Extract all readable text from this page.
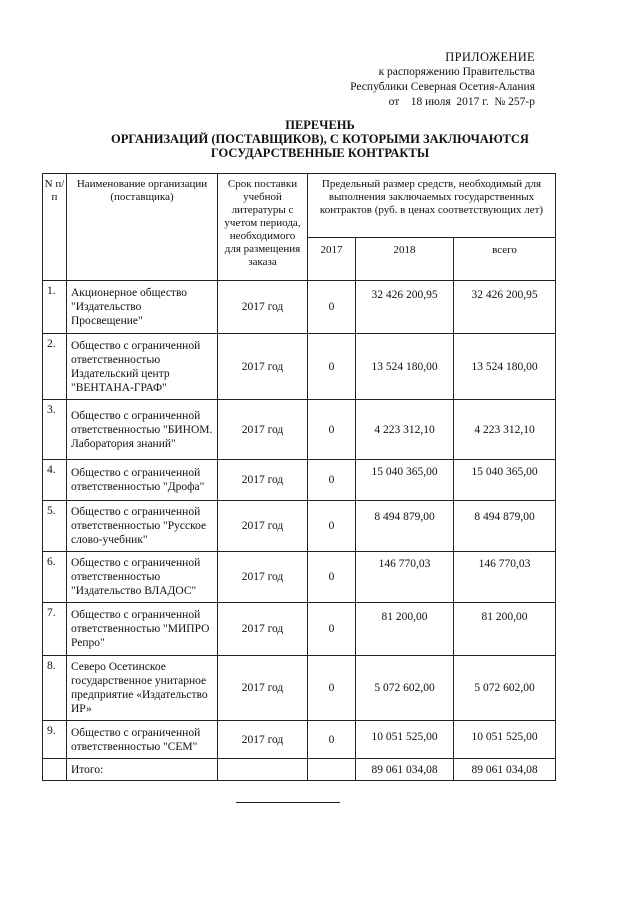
ПРИЛОЖЕНИЕ
к распоряжению Правительства
Республики Северная Осетия-Алания
от    18 июля  2017 г.  № 257-р
ПЕРЕЧЕНЬ
ОРГАНИЗАЦИЙ (ПОСТАВЩИКОВ), С КОТОРЫМИ ЗАКЛЮЧАЮТСЯ
ГОСУДАРСТВЕННЫЕ КОНТРАКТЫ
N п/п	Наименование организации (поставщика)	Срок поставки учебной литературы с учетом периода, необходимого для размещения заказа	Предельный размер средств, необходимый для выполнения заключаемых государственных контрактов (руб. в ценах соответствующих лет)		
			2017	2018	всего
1.	Акционерное общество "Издательство Просвещение"	2017 год	0	32 426 200,95	32 426 200,95
2.	Общество с ограниченной ответственностью Издательский центр "ВЕНТАНА-ГРАФ"	2017 год	0	13 524 180,00	13 524 180,00
3.	Общество с ограниченной ответственностью "БИНОМ. Лаборатория знаний"	2017 год	0	4 223 312,10	4 223 312,10
4.	Общество с ограниченной ответственностью "Дрофа"	2017 год	0	15 040 365,00	15 040 365,00
5.	Общество с ограниченной ответственностью "Русское слово-учебник"	2017 год	0	8 494 879,00	8 494 879,00
6.	Общество с ограниченной ответственностью "Издательство ВЛАДОС"	2017 год	0	146 770,03	146 770,03
7.	Общество с ограниченной ответственностью "МИПРО Репро"	2017 год	0	81 200,00	81 200,00
8.	Северо Осетинское государственное унитарное предприятие «Издательство ИР»	2017 год	0	5 072 602,00	5 072 602,00
9.	Общество с ограниченной ответственностью "СЕМ"	2017 год	0	10 051 525,00	10 051 525,00
	Итого:			89 061 034,08	89 061 034,08
